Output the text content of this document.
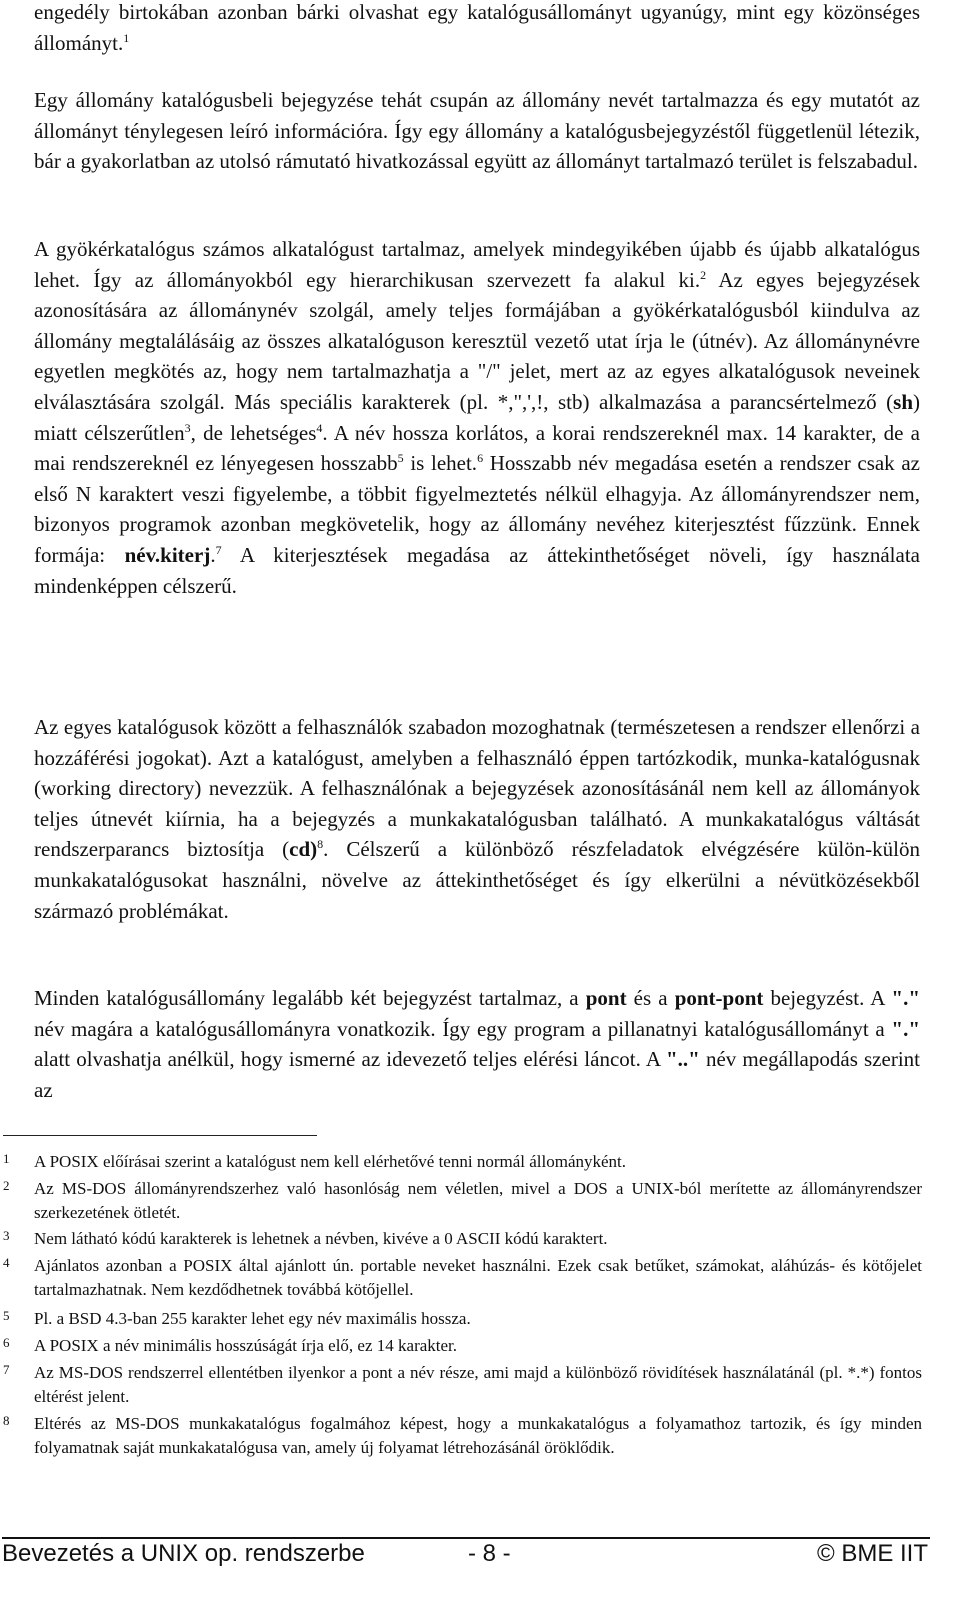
engedély birtokában azonban bárki olvashat egy katalógusállományt ugyanúgy, mint egy közönséges állományt.$^1$

Egy állomány katalógusbeli bejegyzése tehát csupán az állomány nevét tartalmazza és egy mutatót az állományt ténylegesen leíró információra. Így egy állomány a katalógusbejegyzéstől függetlenül létezik, bár a gyakorlatban az utolsó rámutató hivatkozással együtt az állományt tartalmazó terület is felszabadul.

A gyökérkatalógus számos alkatalógust tartalmaz, amelyek mindegyikében újabb és újabb alkatalógus lehet. Így az állományokból egy hierarchikusan szervezett fa alakul ki.$^2$ Az egyes bejegyzések azonosítására az állománynév szolgál, amely teljes formájában a gyökérkatalógusból kiindulva az állomány megtalálásáig az összes alkatalóguson keresztül vezető utat írja le (útnév). Az állománynévre egyetlen megkötés az, hogy nem tartalmazhatja a "/" jelet, mert az az egyes alkatalógusok neveinek elválasztására szolgál. Más speciális karakterek (pl. *,",',!, stb) alkalmazása a parancsértelmező (sh) miatt célszerűtlen$^3$, de lehetséges$^4$. A név hossza korlátos, a korai rendszereknél max. 14 karakter, de a mai rendszereknél ez lényegesen hosszabb$^5$ is lehet.$^6$ Hosszabb név megadása esetén a rendszer csak az első N karaktert veszi figyelembe, a többit figyelmeztetés nélkül elhagyja. Az állományrendszer nem, bizonyos programok azonban megkövetelik, hogy az állomány nevéhez kiterjesztést fűzzünk. Ennek formája: név.kiterj.$^7$ A kiterjesztések megadása az áttekinthetőséget növeli, így használata mindenképpen célszerű.

Az egyes katalógusok között a felhasználók szabadon mozoghatnak (természetesen a rendszer ellenőrzi a hozzáférési jogokat). Azt a katalógust, amelyben a felhasználó éppen tartózkodik, munka-katalógusnak (working directory) nevezzük. A felhasználónak a bejegyzések azonosításánál nem kell az állományok teljes útnevét kiírnia, ha a bejegyzés a munkakatalógusban található. A munkakatalógus váltását rendszerparancs biztosítja (cd)$^8$. Célszerű a különböző részfeladatok elvégzésére külön-külön munkakatalógusokat használni, növelve az áttekinthetőséget és így elkerülni a névütközésekből származó problémákat.

Minden katalógusállomány legalább két bejegyzést tartalmaz, a pont és a pont-pont bejegyzést. A "." név magára a katalógusállományra vonatkozik. Így egy program a pillanatnyi katalógusállományt a "." alatt olvashatja anélkül, hogy ismerné az idevezető teljes elérési láncot. A ".." név megállapodás szerint az

1 A POSIX előírásai szerint a katalógust nem kell elérhetővé tenni normál állományként.
2 Az MS-DOS állományrendszerhez való hasonlóság nem véletlen, mivel a DOS a UNIX-ból merítette az állományrendszer szerkezetének ötletét.
3 Nem látható kódú karakterek is lehetnek a névben, kivéve a 0 ASCII kódú karaktert.
4 Ajánlatos azonban a POSIX által ajánlott ún. portable neveket használni. Ezek csak betűket, számokat, aláhúzás- és kötőjelet tartalmazhatnak. Nem kezdődhetnek továbbá kötőjellel.
5 Pl. a BSD 4.3-ban 255 karakter lehet egy név maximális hossza.
6 A POSIX a név minimális hosszúságát írja elő, ez 14 karakter.
7 Az MS-DOS rendszerrel ellentétben ilyenkor a pont a név része, ami majd a különböző rövidítések használatánál (pl. *.*) fontos eltérést jelent.
8 Eltérés az MS-DOS munkakatalógus fogalmához képest, hogy a munkakatalógus a folyamathoz tartozik, és így minden folyamatnak saját munkakatalógusa van, amely új folyamat létrehozásánál öröklődik.
Bevezetés a UNIX op. rendszerbe	- 8 -	© BME IIT
